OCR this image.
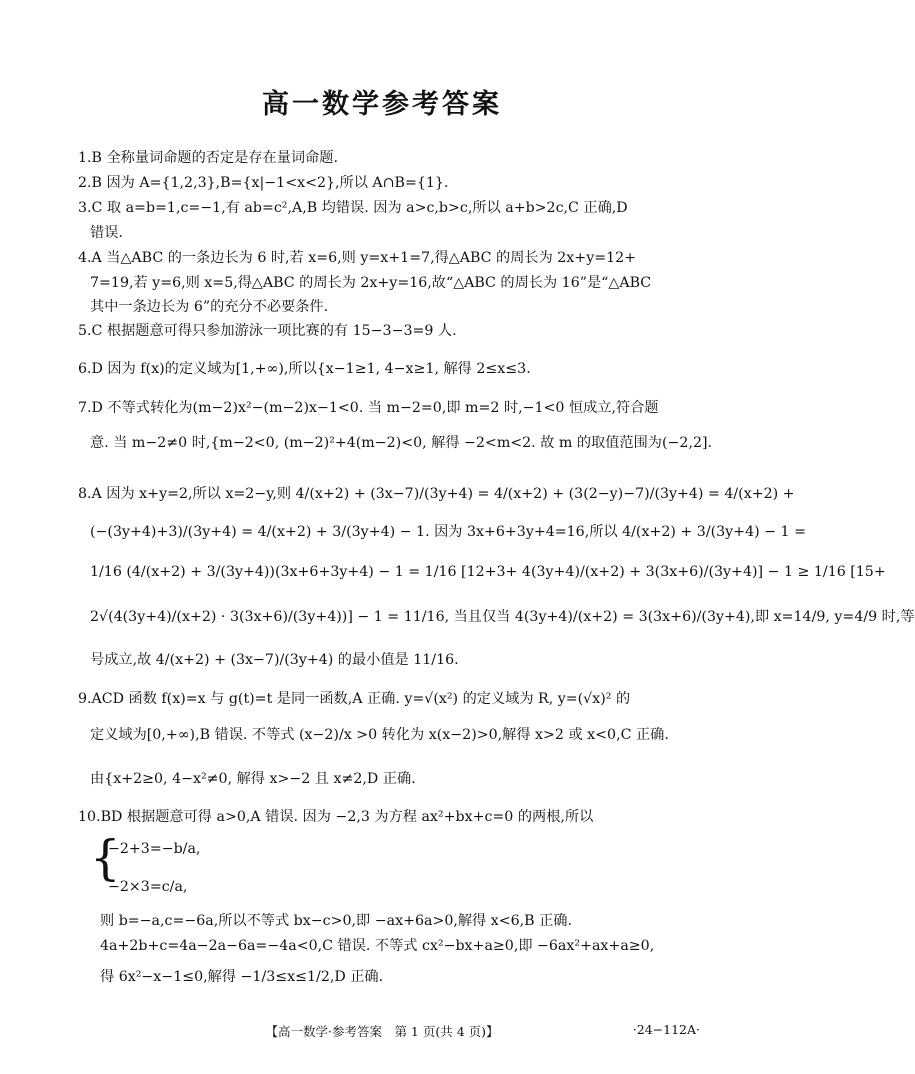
高一数学参考答案
1.B 全称量词命题的否定是存在量词命题.
2.B 因为 A={1,2,3},B={x|−1<x<2},所以 A∩B={1}.
3.C 取 a=b=1,c=−1,有 ab=c²,A,B 均错误. 因为 a>c,b>c,所以 a+b>2c,C 正确,D
错误.
4.A 当△ABC 的一条边长为 6 时,若 x=6,则 y=x+1=7,得△ABC 的周长为 2x+y=12+
7=19,若 y=6,则 x=5,得△ABC 的周长为 2x+y=16,故“△ABC 的周长为 16”是“△ABC
其中一条边长为 6”的充分不必要条件.
5.C 根据题意可得只参加游泳一项比赛的有 15−3−3=9 人.
6.D 因为 f(x)的定义域为[1,+∞),所以{x−1≥1, 4−x≥1, 解得 2≤x≤3.
7.D 不等式转化为(m−2)x²−(m−2)x−1<0. 当 m−2=0,即 m=2 时,−1<0 恒成立,符合题
意. 当 m−2≠0 时,{m−2<0, (m−2)²+4(m−2)<0, 解得 −2<m<2. 故 m 的取值范围为(−2,2].
8.A 因为 x+y=2,所以 x=2−y,则 4/(x+2) + (3x−7)/(3y+4) = 4/(x+2) + (3(2−y)−7)/(3y+4) = 4/(x+2) +
(−(3y+4)+3)/(3y+4) = 4/(x+2) + 3/(3y+4) − 1. 因为 3x+6+3y+4=16,所以 4/(x+2) + 3/(3y+4) − 1 =
1/16 (4/(x+2) + 3/(3y+4))(3x+6+3y+4) − 1 = 1/16 [12+3+ 4(3y+4)/(x+2) + 3(3x+6)/(3y+4)] − 1 ≥ 1/16 [15+
2√(4(3y+4)/(x+2) · 3(3x+6)/(3y+4))] − 1 = 11/16, 当且仅当 4(3y+4)/(x+2) = 3(3x+6)/(3y+4),即 x=14/9, y=4/9 时,等
号成立,故 4/(x+2) + (3x−7)/(3y+4) 的最小值是 11/16.
9.ACD 函数 f(x)=x 与 g(t)=t 是同一函数,A 正确. y=√(x²) 的定义域为 R, y=(√x)² 的
定义域为[0,+∞),B 错误. 不等式 (x−2)/x >0 转化为 x(x−2)>0,解得 x>2 或 x<0,C 正确.
由{x+2≥0, 4−x²≠0, 解得 x>−2 且 x≠2,D 正确.
10.BD 根据题意可得 a>0,A 错误. 因为 −2,3 为方程 ax²+bx+c=0 的两根,所以
{
−2+3=−b/a,
−2×3=c/a,
则 b=−a,c=−6a,所以不等式 bx−c>0,即 −ax+6a>0,解得 x<6,B 正确.
4a+2b+c=4a−2a−6a=−4a<0,C 错误. 不等式 cx²−bx+a≥0,即 −6ax²+ax+a≥0,
得 6x²−x−1≤0,解得 −1/3≤x≤1/2,D 正确.
【高一数学·参考答案　第 1 页(共 4 页)】	·24−112A·
